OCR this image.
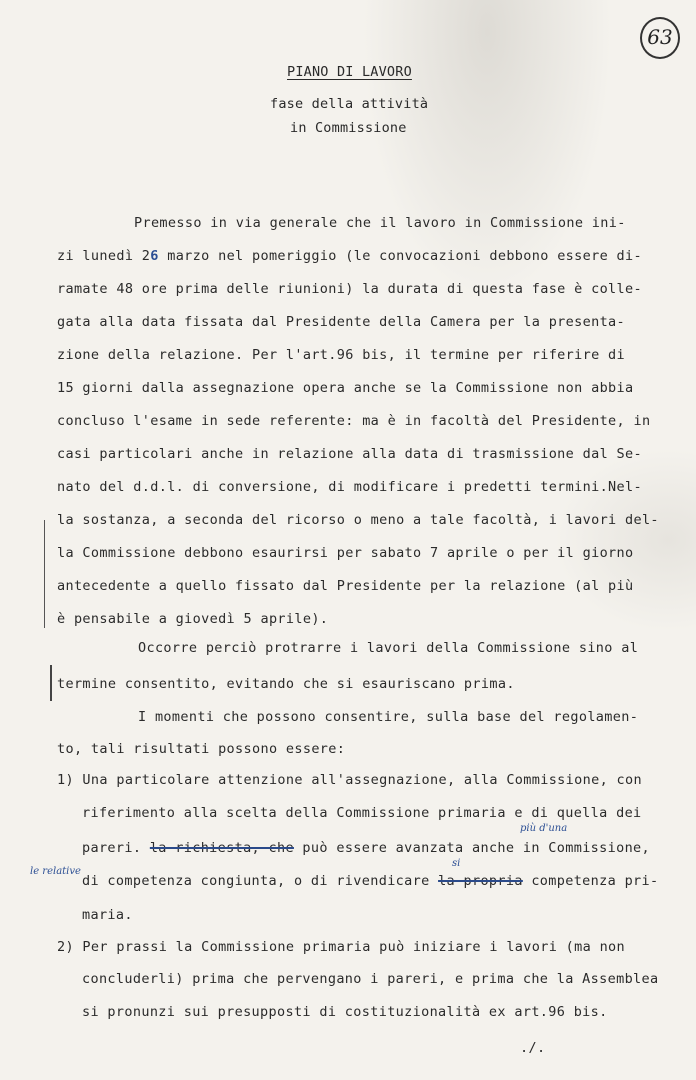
63
PIANO DI LAVORO
fase della attività
in Commissione
Premesso in via generale che il lavoro in Commissione ini-
zi lunedì 26 marzo nel pomeriggio (le convocazioni debbono essere di-
ramate 48 ore prima delle riunioni) la durata di questa fase è colle-
gata alla data fissata dal Presidente della Camera per la presenta-
zione della relazione. Per l'art.96 bis, il termine per riferire di
15 giorni dalla assegnazione opera anche se la Commissione non abbia
concluso l'esame in sede referente: ma è in facoltà del Presidente, in
casi particolari anche in relazione alla data di trasmissione dal Se-
nato del d.d.l. di conversione, di modificare i predetti termini.Nel-
la sostanza, a seconda del ricorso o meno a tale facoltà, i lavori del-
la Commissione debbono esaurirsi per sabato 7 aprile o per il giorno
antecedente a quello fissato dal Presidente per la relazione (al più
è pensabile a giovedì 5 aprile).
Occorre perciò protrarre i lavori della Commissione sino al
termine consentito, evitando che si esauriscano prima.
I momenti che possono consentire, sulla base del regolamen-
to, tali risultati possono essere:
1) Una particolare attenzione all'assegnazione, alla Commissione, con
riferimento alla scelta della Commissione primaria e di quella dei
più d'una
pareri. la richiesta, che può essere avanzata anche in Commissione,
le relative
si
di competenza congiunta, o di rivendicare la propria competenza pri-
maria.
2) Per prassi la Commissione primaria può iniziare i lavori (ma non
concluderli) prima che pervengano i pareri, e prima che la Assemblea
si pronunzi sui presupposti di costituzionalità ex art.96 bis.
./.
